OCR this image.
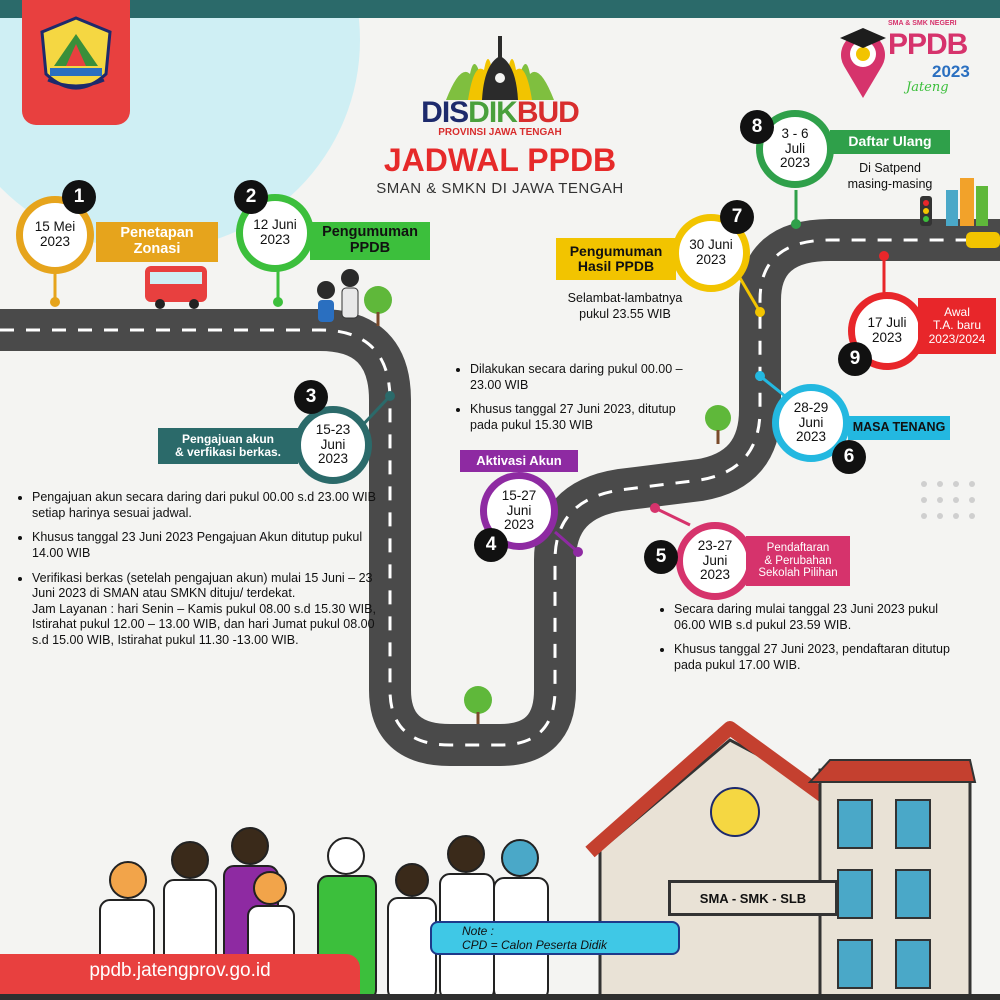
DISDIKBUD
PROVINSI JAWA TENGAH
JADWAL PPDB
SMAN & SMKN DI JAWA TENGAH
SMA & SMK NEGERI
PPDB
2023
Jateng
15 Mei
2023
1
Penetapan
Zonasi
12 Juni
2023
2
Pengumuman
PPDB
15-23
Juni
2023
3
Pengajuan akun
& verfikasi berkas.
• Pengajuan akun secara daring dari pukul 00.00 s.d 23.00 WIB setiap harinya sesuai jadwal.
• Khusus tanggal 23 Juni 2023 Pengajuan Akun ditutup pukul 14.00 WIB
• Verifikasi berkas (setelah pengajuan akun) mulai 15 Juni – 23 Juni 2023 di SMAN atau SMKN dituju/ terdekat.
Jam Layanan : hari Senin – Kamis pukul 08.00 s.d 15.30 WIB, Istirahat pukul 12.00 – 13.00 WIB, dan hari Jumat pukul 08.00 s.d 15.00 WIB, Istirahat pukul 11.30 -13.00 WIB.
Aktivasi Akun
15-27
Juni
2023
4
• Dilakukan secara daring pukul 00.00 – 23.00 WIB
• Khusus tanggal 27 Juni 2023, ditutup pada pukul 15.30 WIB
23-27
Juni
2023
5	Pendaftaran
& Perubahan
Sekolah Pilihan
• Secara daring mulai tanggal 23 Juni 2023 pukul 06.00 WIB s.d pukul 23.59 WIB.
• Khusus tanggal 27 Juni 2023, pendaftaran ditutup pada pukul 17.00 WIB.
28-29
Juni
2023
6
MASA TENANG
30 Juni
2023
7
Pengumuman
Hasil PPDB
Selambat-lambatnya
pukul 23.55 WIB
3 - 6
Juli
2023
8
Daftar Ulang
Di Satpend
masing-masing
17 Juli
2023
9
Awal
T.A. baru
2023/2024
SMA - SMK - SLB
Note :
CPD = Calon Peserta Didik
ppdb.jatengprov.go.id
